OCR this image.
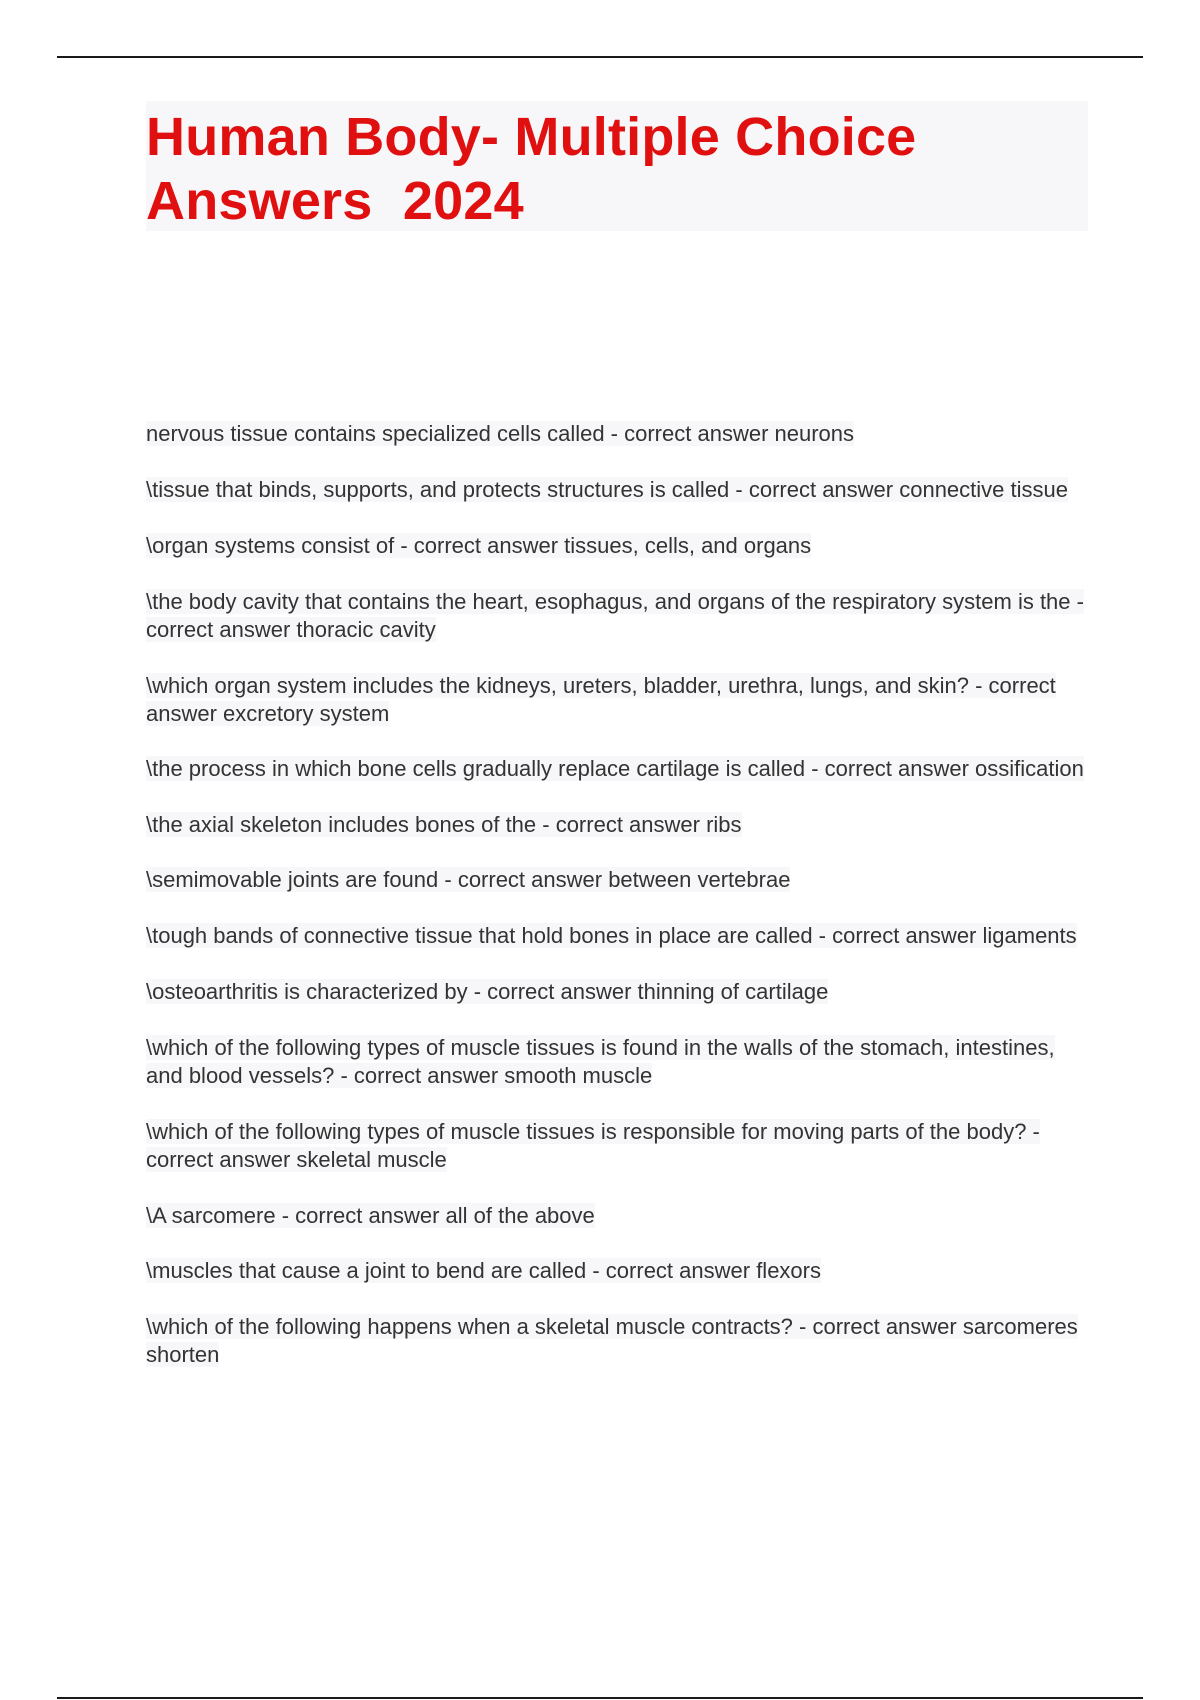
Human Body- Multiple Choice Answers  2024
nervous tissue contains specialized cells called - correct answer neurons
\tissue that binds, supports, and protects structures is called - correct answer connective tissue
\organ systems consist of - correct answer tissues, cells, and organs
\the body cavity that contains the heart, esophagus, and organs of the respiratory system is the - correct answer thoracic cavity
\which organ system includes the kidneys, ureters, bladder, urethra, lungs, and skin? - correct answer excretory system
\the process in which bone cells gradually replace cartilage is called - correct answer ossification
\the axial skeleton includes bones of the - correct answer ribs
\semimovable joints are found - correct answer between vertebrae
\tough bands of connective tissue that hold bones in place are called - correct answer ligaments
\osteoarthritis is characterized by - correct answer thinning of cartilage
\which of the following types of muscle tissues is found in the walls of the stomach, intestines, and blood vessels? - correct answer smooth muscle
\which of the following types of muscle tissues is responsible for moving parts of the body? - correct answer skeletal muscle
\A sarcomere - correct answer all of the above
\muscles that cause a joint to bend are called - correct answer flexors
\which of the following happens when a skeletal muscle contracts? - correct answer sarcomeres shorten
